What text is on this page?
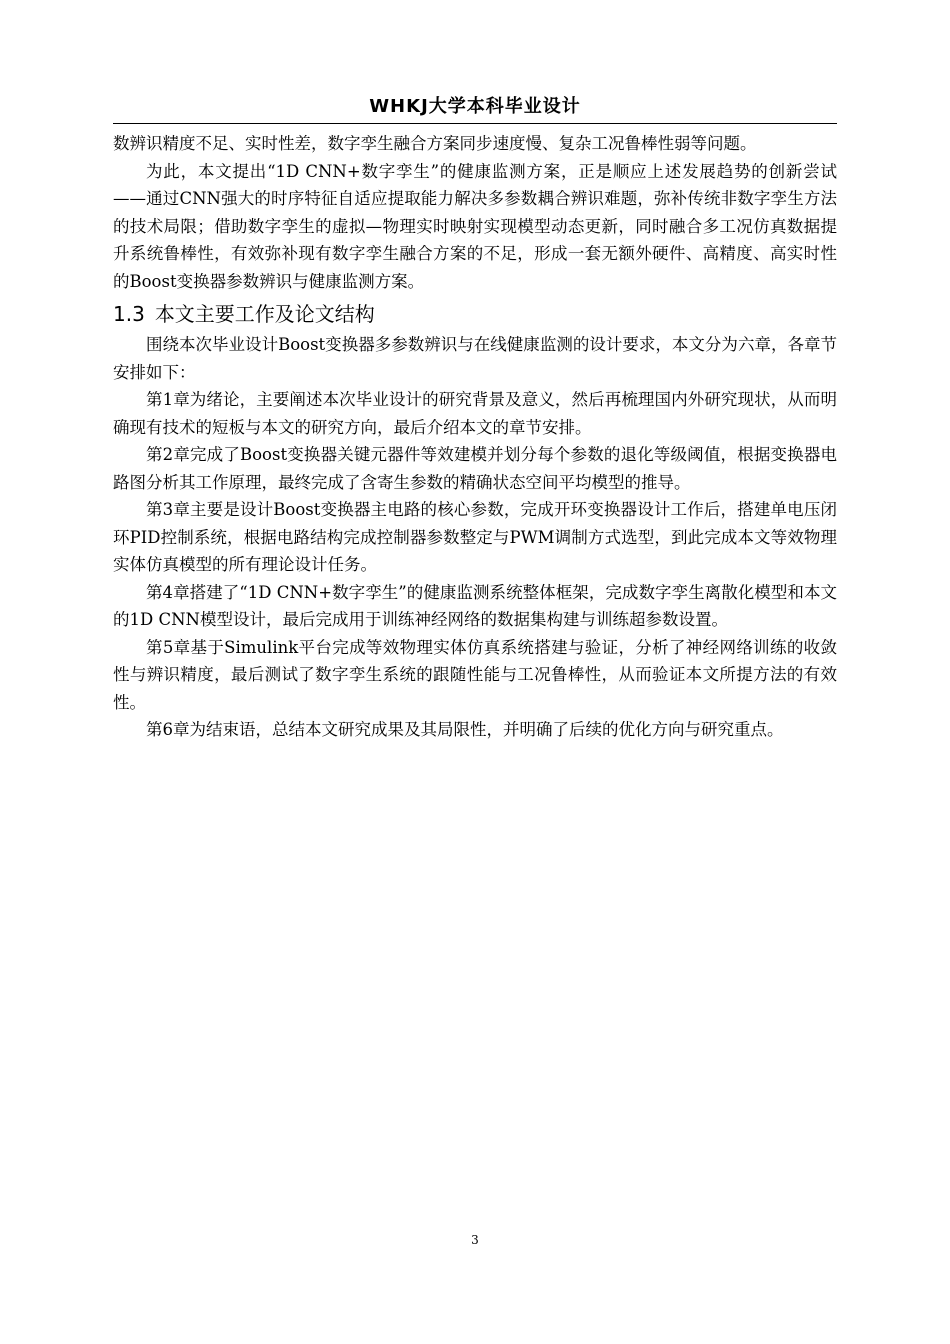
WHKJ大学本科毕业设计

数辨识精度不足、实时性差，数字孪生融合方案同步速度慢、复杂工况鲁棒性弱等问题。

为此，本文提出“1D CNN+数字孪生”的健康监测方案，正是顺应上述发展趋势的创新尝试——通过CNN强大的时序特征自适应提取能力解决多参数耦合辨识难题，弥补传统非数字孪生方法的技术局限；借助数字孪生的虚拟—物理实时映射实现模型动态更新，同时融合多工况仿真数据提升系统鲁棒性，有效弥补现有数字孪生融合方案的不足，形成一套无额外硬件、高精度、高实时性的Boost变换器参数辨识与健康监测方案。

1.3 本文主要工作及论文结构

围绕本次毕业设计Boost变换器多参数辨识与在线健康监测的设计要求，本文分为六章，各章节安排如下：

第1章为绪论，主要阐述本次毕业设计的研究背景及意义，然后再梳理国内外研究现状，从而明确现有技术的短板与本文的研究方向，最后介绍本文的章节安排。

第2章完成了Boost变换器关键元器件等效建模并划分每个参数的退化等级阈值，根据变换器电路图分析其工作原理，最终完成了含寄生参数的精确状态空间平均模型的推导。

第3章主要是设计Boost变换器主电路的核心参数，完成开环变换器设计工作后，搭建单电压闭环PID控制系统，根据电路结构完成控制器参数整定与PWM调制方式选型，到此完成本文等效物理实体仿真模型的所有理论设计任务。

第4章搭建了“1D CNN+数字孪生”的健康监测系统整体框架，完成数字孪生离散化模型和本文的1D CNN模型设计，最后完成用于训练神经网络的数据集构建与训练超参数设置。

第5章基于Simulink平台完成等效物理实体仿真系统搭建与验证，分析了神经网络训练的收敛性与辨识精度，最后测试了数字孪生系统的跟随性能与工况鲁棒性，从而验证本文所提方法的有效性。

第6章为结束语，总结本文研究成果及其局限性，并明确了后续的优化方向与研究重点。

3
